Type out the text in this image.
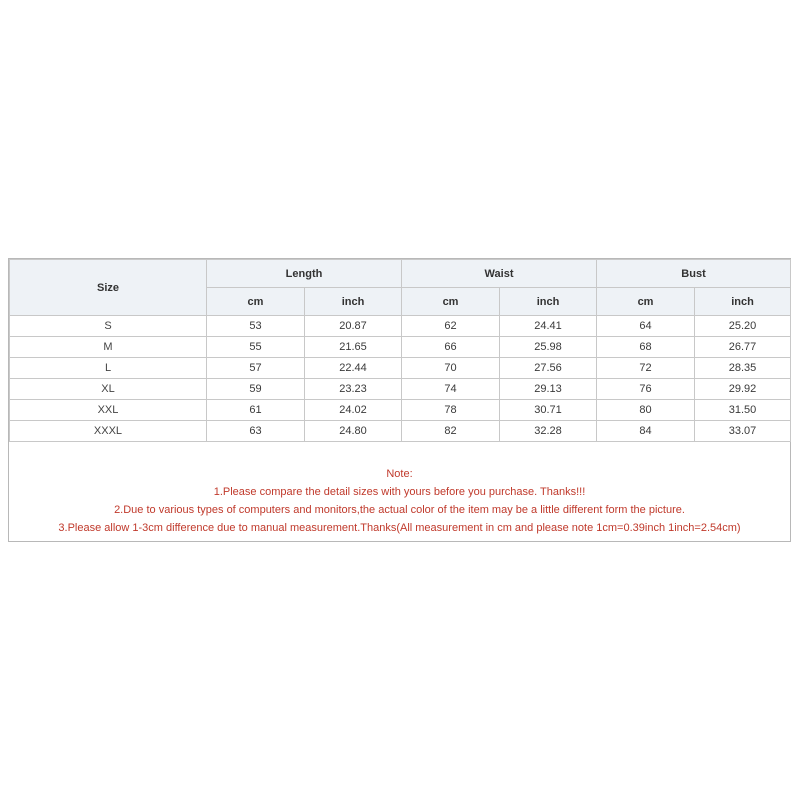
Size	Length		Waist		Bust	
	cm	inch	cm	inch	cm	inch
S	53	20.87	62	24.41	64	25.20
M	55	21.65	66	25.98	68	26.77
L	57	22.44	70	27.56	72	28.35
XL	59	23.23	74	29.13	76	29.92
XXL	61	24.02	78	30.71	80	31.50
XXXL	63	24.80	82	32.28	84	33.07
Note:
1.Please compare the detail sizes with yours before you purchase. Thanks!!!
2.Due to various types of computers and monitors,the actual color of the item may be a little different form the picture.
3.Please allow 1-3cm difference due to manual measurement.Thanks(All measurement in cm and please note 1cm=0.39inch 1inch=2.54cm)
